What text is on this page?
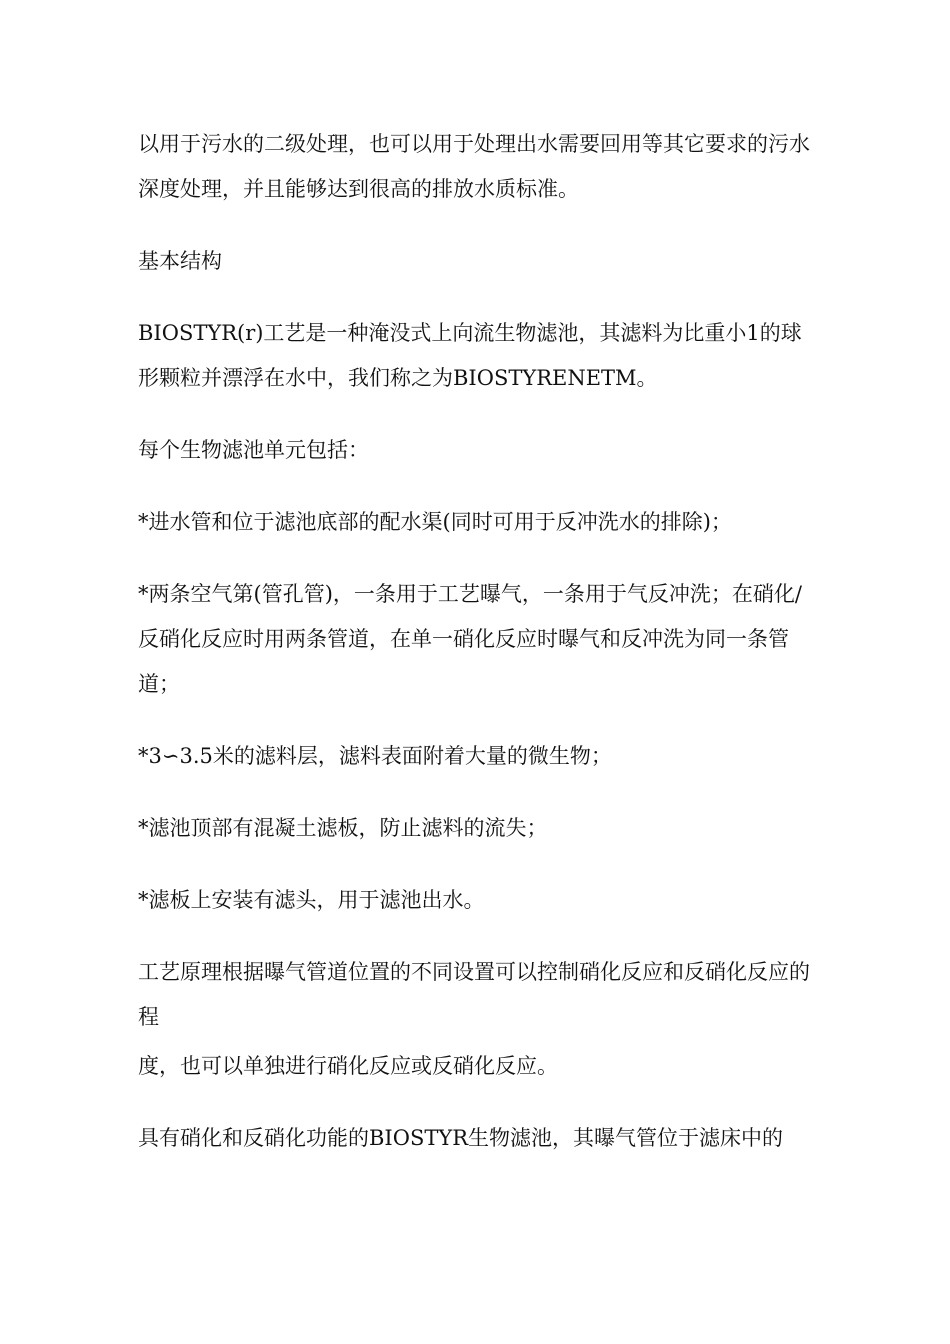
以用于污水的二级处理，也可以用于处理出水需要回用等其它要求的污水深度处理，并且能够达到很高的排放水质标准。

基本结构

BIOSTYR(r)工艺是一种淹没式上向流生物滤池，其滤料为比重小1的球形颗粒并漂浮在水中，我们称之为BIOSTYRENETM。

每个生物滤池单元包括：

*进水管和位于滤池底部的配水渠(同时可用于反冲洗水的排除)；

*两条空气第(管孔管)，一条用于工艺曝气，一条用于气反冲洗；在硝化/反硝化反应时用两条管道，在单一硝化反应时曝气和反冲洗为同一条管道；

*3∽3.5米的滤料层，滤料表面附着大量的微生物；

*滤池顶部有混凝土滤板，防止滤料的流失；

*滤板上安装有滤头，用于滤池出水。

工艺原理根据曝气管道位置的不同设置可以控制硝化反应和反硝化反应的程

度，也可以单独进行硝化反应或反硝化反应。

具有硝化和反硝化功能的BIOSTYR生物滤池，其曝气管位于滤床中的
